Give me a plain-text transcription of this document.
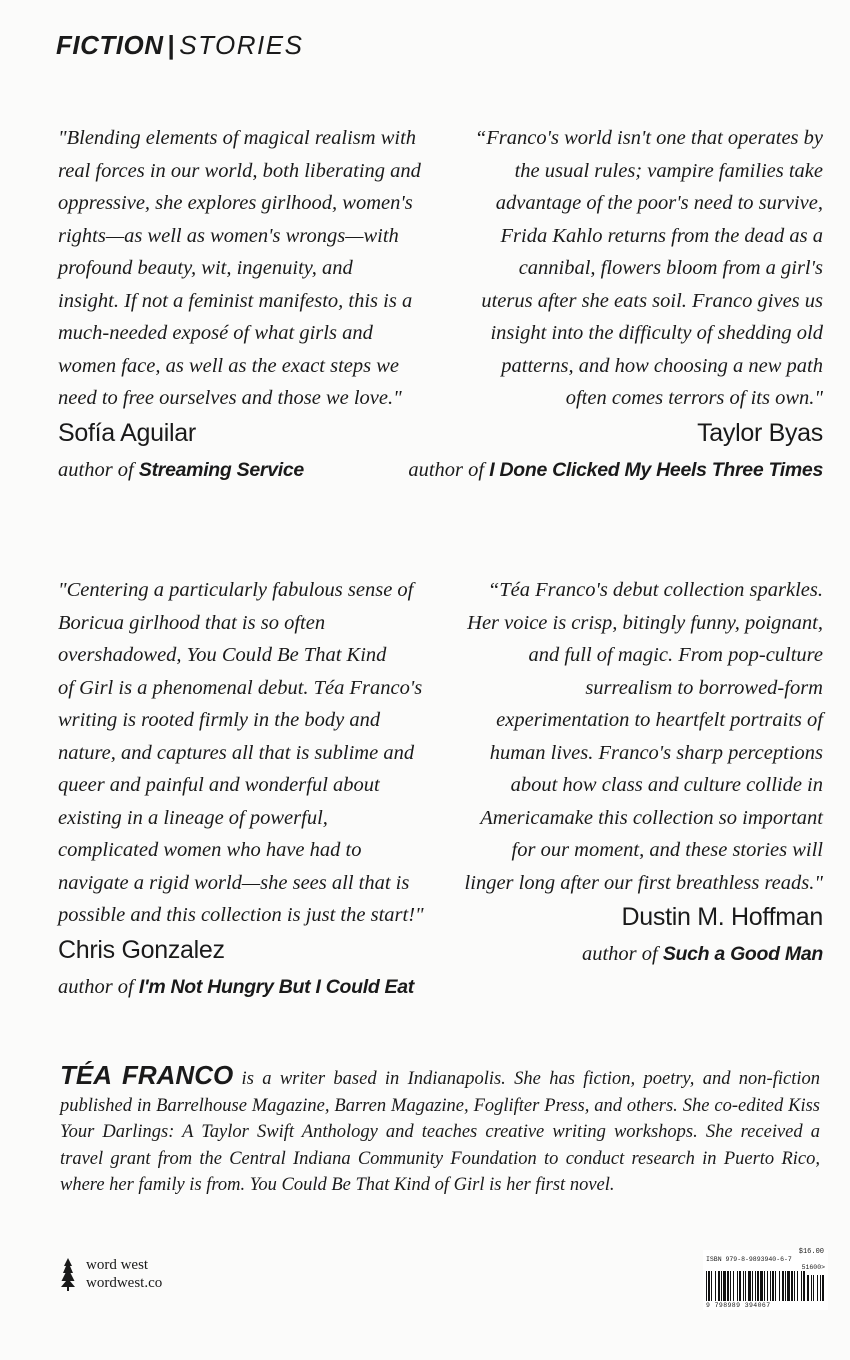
FICTION | STORIES

"Blending elements of magical realism with
real forces in our world, both liberating and
oppressive, she explores girlhood, women's
rights—as well as women's wrongs—with
profound beauty, wit, ingenuity, and
insight. If not a feminist manifesto, this is a
much-needed exposé of what girls and
women face, as well as the exact steps we
need to free ourselves and those we love."

Sofía Aguilar
author of Streaming Service

“Franco's world isn't one that operates by
the usual rules; vampire families take
advantage of the poor's need to survive,
Frida Kahlo returns from the dead as a
cannibal, flowers bloom from a girl's
uterus after she eats soil. Franco gives us
insight into the difficulty of shedding old
patterns, and how choosing a new path
often comes terrors of its own."

Taylor Byas
author of I Done Clicked My Heels Three Times

"Centering a particularly fabulous sense of
Boricua girlhood that is so often
overshadowed, You Could Be That Kind
of Girl is a phenomenal debut. Téa Franco's
writing is rooted firmly in the body and
nature, and captures all that is sublime and
queer and painful and wonderful about
existing in a lineage of powerful,
complicated women who have had to
navigate a rigid world—she sees all that is
possible and this collection is just the start!"

Chris Gonzalez
author of I'm Not Hungry But I Could Eat

“Téa Franco's debut collection sparkles.
Her voice is crisp, bitingly funny, poignant,
and full of magic. From pop-culture
surrealism to borrowed-form
experimentation to heartfelt portraits of
human lives. Franco's sharp perceptions
about how class and culture collide in
Americamake this collection so important
for our moment, and these stories will
linger long after our first breathless reads."

Dustin M. Hoffman
author of Such a Good Man
TÉA FRANCO is a writer based in Indianapolis. She has fiction, poetry, and non-fiction published in Barrelhouse Magazine, Barren Magazine, Foglifter Press, and others. She co-edited Kiss Your Darlings: A Taylor Swift Anthology and teaches creative writing workshops. She received a travel grant from the Central Indiana Community Foundation to conduct research in Puerto Rico, where her family is from. You Could Be That Kind of Girl is her first novel.
word west
wordwest.co
$16.00
ISBN 979-8-9893940-6-7
51600>
9 798989 394067
